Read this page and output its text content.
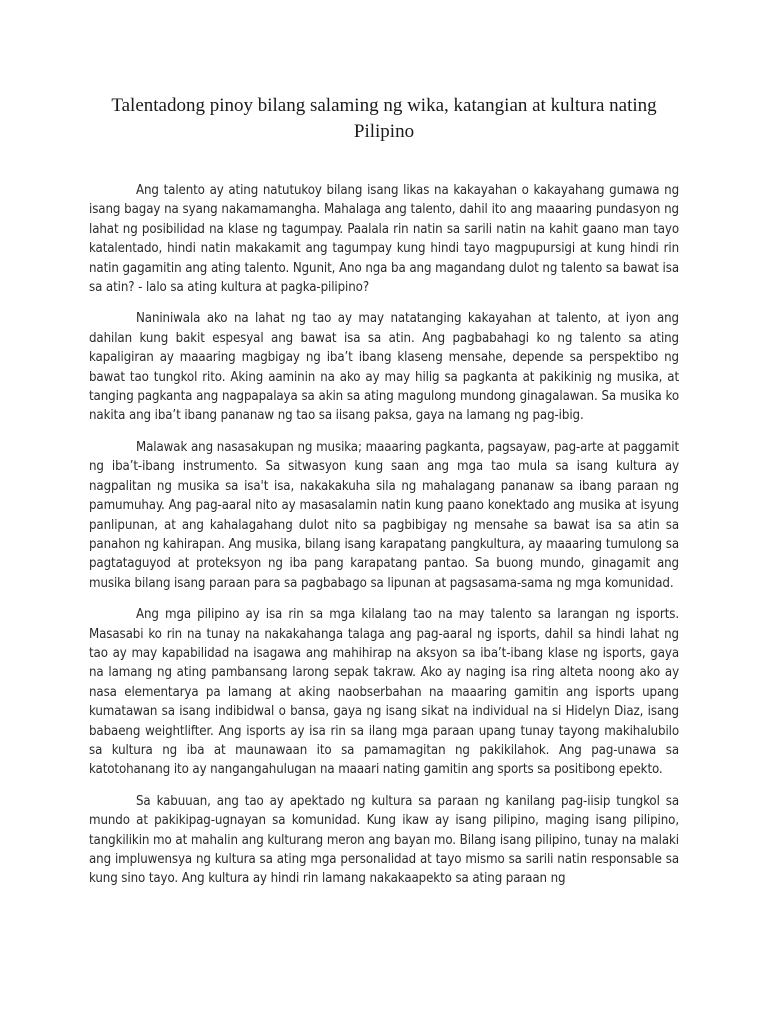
Talentadong pinoy bilang salaming ng wika, katangian at kultura nating Pilipino

Ang talento ay ating natutukoy bilang isang likas na kakayahan o kakayahang gumawa ng isang bagay na syang nakamamangha. Mahalaga ang talento, dahil ito ang maaaring pundasyon ng lahat ng posibilidad na klase ng tagumpay. Paalala rin natin sa sarili natin na kahit gaano man tayo katalentado, hindi natin makakamit ang tagumpay kung hindi tayo magpupursigi at kung hindi rin natin gagamitin ang ating talento. Ngunit, Ano nga ba ang magandang dulot ng talento sa bawat isa sa atin? - lalo sa ating kultura at pagka-pilipino?

Naniniwala ako na lahat ng tao ay may natatanging kakayahan at talento, at iyon ang dahilan kung bakit espesyal ang bawat isa sa atin. Ang pagbabahagi ko ng talento sa ating kapaligiran ay maaaring magbigay ng iba’t ibang klaseng mensahe, depende sa perspektibo ng bawat tao tungkol rito. Aking aaminin na ako ay may hilig sa pagkanta at pakikinig ng musika, at tanging pagkanta ang nagpapalaya sa akin sa ating magulong mundong ginagalawan. Sa musika ko nakita ang iba’t ibang pananaw ng tao sa iisang paksa, gaya na lamang ng pag-ibig.

Malawak ang nasasakupan ng musika; maaaring pagkanta, pagsayaw, pag-arte at paggamit ng iba’t-ibang instrumento. Sa sitwasyon kung saan ang mga tao mula sa isang kultura ay nagpalitan ng musika sa isa't isa, nakakakuha sila ng mahalagang pananaw sa ibang paraan ng pamumuhay. Ang pag-aaral nito ay masasalamin natin kung paano konektado ang musika at isyung panlipunan, at ang kahalagahang dulot nito sa pagbibigay ng mensahe sa bawat isa sa atin sa panahon ng kahirapan. Ang musika, bilang isang karapatang pangkultura, ay maaaring tumulong sa pagtataguyod at proteksyon ng iba pang karapatang pantao. Sa buong mundo, ginagamit ang musika bilang isang paraan para sa pagbabago sa lipunan at pagsasama-sama ng mga komunidad.

Ang mga pilipino ay isa rin sa mga kilalang tao na may talento sa larangan ng isports. Masasabi ko rin na tunay na nakakahanga talaga ang pag-aaral ng isports, dahil sa hindi lahat ng tao ay may kapabilidad na isagawa ang mahihirap na aksyon sa iba’t-ibang klase ng isports, gaya na lamang ng ating pambansang larong sepak takraw. Ako ay naging isa ring alteta noong ako ay nasa elementarya pa lamang at aking naobserbahan na maaaring gamitin ang isports upang kumatawan sa isang indibidwal o bansa, gaya ng isang sikat na individual na si Hidelyn Diaz, isang babaeng weightlifter. Ang isports ay isa rin sa ilang mga paraan upang tunay tayong makihalubilo sa kultura ng iba at maunawaan ito sa pamamagitan ng pakikilahok. Ang pag-unawa sa katotohanang ito ay nangangahulugan na maaari nating gamitin ang sports sa positibong epekto.

Sa kabuuan, ang tao ay apektado ng kultura sa paraan ng kanilang pag-iisip tungkol sa mundo at pakikipag-ugnayan sa komunidad. Kung ikaw ay isang pilipino, maging isang pilipino, tangkilikin mo at mahalin ang kulturang meron ang bayan mo. Bilang isang pilipino, tunay na malaki ang impluwensya ng kultura sa ating mga personalidad at tayo mismo sa sarili natin responsable sa kung sino tayo. Ang kultura ay hindi rin lamang nakakaapekto sa ating paraan ng
